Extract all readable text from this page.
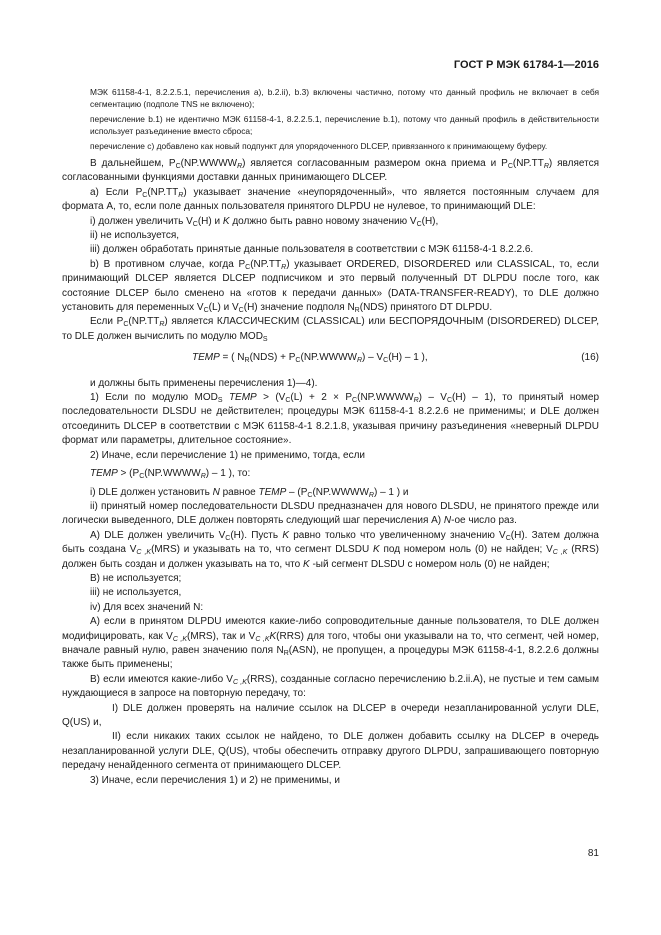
ГОСТ Р МЭК 61784-1—2016

МЭК 61158-4-1, 8.2.2.5.1, перечисления a), b.2.ii), b.3) включены частично, потому что данный профиль не включает в себя сегментацию (подполе TNS не включено);

перечисление b.1) не идентично МЭК 61158-4-1, 8.2.2.5.1, перечисление b.1), потому что данный профиль в действительности использует разъединение вместо сброса;

перечисление с) добавлено как новый подпункт для упорядоченного DLCEP, привязанного к принимающему буферу.

В дальнейшем, $P_C(NP.WWWW_R)$ является согласованным размером окна приема и $P_C(NP.TT_R)$ является согласованными функциями доставки данных принимающего DLCEP.

а) Если $P_C(NP.TT_R)$ указывает значение «неупорядоченный», что является постоянным случаем для формата А, то, если поле данных пользователя принятого DLPDU не нулевое, то принимающий DLE:

i) должен увеличить $V_C(H)$ и K должно быть равно новому значению $V_C(H)$,

ii) не используется,

iii) должен обработать принятые данные пользователя в соответствии с МЭК 61158-4-1 8.2.2.6.

b) В противном случае, когда $P_C(NP.TT_R)$ указывает ORDERED, DISORDERED или CLASSICAL, то, если принимающий DLCEP является DLCEP подписчиком и это первый полученный DT DLPDU после того, как состояние DLCEP было сменено на «готов к передачи данных» (DATA-TRANSFER-READY), то DLE должно установить для переменных $V_C(L)$ и $V_C(H)$ значение подполя $N_R(NDS)$ принятого DT DLPDU.

Если $P_C(NP.TT_R)$ является КЛАССИЧЕСКИМ (CLASSICAL) или БЕСПОРЯДОЧНЫМ (DISORDERED) DLCEP, то DLE должен вычислить по модулю $MOD_S$

TEMP = ( $N_R(NDS)$ + $P_C(NP.WWWW_R) - V_C(H) - 1$ ),	(16)

и должны быть применены перечисления 1)—4).

1) Если по модулю $MOD_S$ TEMP > ($V_C(L) + 2$ × $P_C(NP.WWWW_R) - V_C(H) - 1$), то принятый номер последовательности DLSDU не действителен; процедуры МЭК 61158-4-1 8.2.2.6 не применимы; и DLE должен отсоединить DLCEP в соответствии с МЭК 61158-4-1 8.2.1.8, указывая причину разъединения «неверный DLPDU формат или параметры, длительное состояние».

2) Иначе, если перечисление 1) не применимо, тогда, если

TEMP > ($P_C(NP.WWWW_R) - 1$ ), то:

i) DLE должен установить N равное TEMP – ($P_C(NP.WWWW_R) - 1$ ) и

ii) принятый номер последовательности DLSDU предназначен для нового DLSDU, не принятого прежде или логически выведенного, DLE должен повторять следующий шаг перечисления А) N-ое число раз.

А) DLE должен увеличить $V_C(H)$. Пусть K равно только что увеличенному значению $V_C(H)$. Затем должна быть создана $V_{C ,K}(MRS)$ и указывать на то, что сегмент DLSDU K под номером ноль (0) не найден; $V_{C ,K}$ (RRS) должен быть создан и должен указывать на то, что K -ый сегмент DLSDU с номером ноль (0) не найден;

В) не используется;

iii) не используется,

iv) Для всех значений N:

А) если в принятом DLPDU имеются какие-либо сопроводительные данные пользователя, то DLE должен модифицировать, как $V_{C ,K}(MRS)$, так и $V_{C ,K}K(RRS)$ для того, чтобы они указывали на то, что сегмент, чей номер, вначале равный нулю, равен значению поля $N_R(ASN)$, не пропущен, а процедуры МЭК 61158-4-1, 8.2.2.6 должны также быть применены;

В) если имеются какие-либо $V_{C ,K}(RRS)$, созданные согласно перечислению b.2.ii.A), не пустые и тем самым нуждающиеся в запросе на повторную передачу, то:

I) DLE должен проверять на наличие ссылок на DLCEP в очереди незапланированной услуги DLE, Q(US) и,

II) если никаких таких ссылок не найдено, то DLE должен добавить ссылку на DLCEP в очередь незапланированной услуги DLE, Q(US), чтобы обеспечить отправку другого DLPDU, запрашивающего повторную передачу ненайденного сегмента от принимающего DLCEP.

3) Иначе, если перечисления 1) и 2) не применимы, и

81
